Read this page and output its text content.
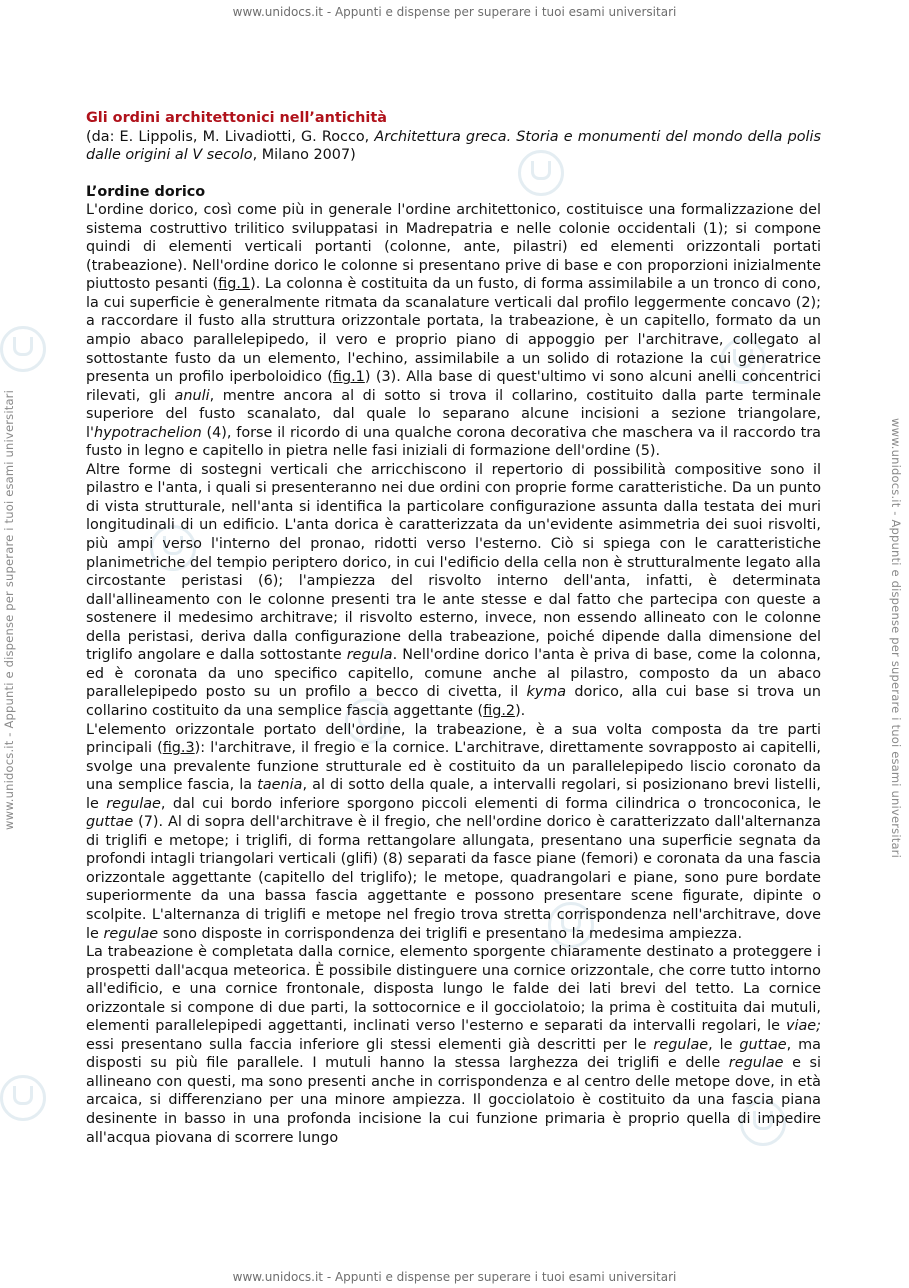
www.unidocs.it - Appunti e dispense per superare i tuoi esami universitari
www.unidocs.it - Appunti e dispense per superare i tuoi esami universitari
www.unidocs.it - Appunti e dispense per superare i tuoi esami universitari	www.unidocs.it - Appunti e dispense per superare i tuoi esami universitari
Gli ordini architettonici nell’antichità

(da: E. Lippolis, M. Livadiotti, G. Rocco, Architettura greca. Storia e monumenti del mondo della polis dalle origini al V secolo, Milano 2007)

L’ordine dorico

L'ordine dorico, così come più in generale l'ordine architettonico, costituisce una formalizzazione del sistema costruttivo trilitico sviluppatasi in Madrepatria e nelle colonie occidentali (1); si compone quindi di elementi verticali portanti (colonne, ante, pilastri) ed elementi orizzontali portati (trabeazione). Nell'ordine dorico le colonne si presentano prive di base e con proporzioni inizialmente piuttosto pesanti (fig.1). La colonna è costituita da un fusto, di forma assimilabile a un tronco di cono, la cui superficie è generalmente ritmata da scanalature verticali dal profilo leggermente concavo (2); a raccordare il fusto alla struttura orizzontale portata, la trabeazione, è un capitello, formato da un ampio abaco parallelepipedo, il vero e proprio piano di appoggio per l'architrave, collegato al sottostante fusto da un elemento, l'echino, assimilabile a un solido di rotazione la cui generatrice presenta un profilo iperboloidico (fig.1) (3). Alla base di quest'ultimo vi sono alcuni anelli concentrici rilevati, gli anuli, mentre ancora al di sotto si trova il collarino, costituito dalla parte terminale superiore del fusto scanalato, dal quale lo separano alcune incisioni a sezione triangolare, l'hypotrachelion (4), forse il ricordo di una qualche corona decorativa che maschera va il raccordo tra fusto in legno e capitello in pietra nelle fasi iniziali di formazione dell'ordine (5).

Altre forme di sostegni verticali che arricchiscono il repertorio di possibilità compositive sono il pilastro e l'anta, i quali si presenteranno nei due ordini con proprie forme caratteristiche. Da un punto di vista strutturale, nell'anta si identifica la particolare configurazione assunta dalla testata dei muri longitudinali di un edificio. L'anta dorica è caratterizzata da un'evidente asimmetria dei suoi risvolti, più ampi verso l'interno del pronao, ridotti verso l'esterno. Ciò si spiega con le caratteristiche planimetriche del tempio periptero dorico, in cui l'edificio della cella non è strutturalmente legato alla circostante peristasi (6); l'ampiezza del risvolto interno dell'anta, infatti, è determinata dall'allineamento con le colonne presenti tra le ante stesse e dal fatto che partecipa con queste a sostenere il medesimo architrave; il risvolto esterno, invece, non essendo allineato con le colonne della peristasi, deriva dalla configurazione della trabeazione, poiché dipende dalla dimensione del triglifo angolare e dalla sottostante regula. Nell'ordine dorico l'anta è priva di base, come la colonna, ed è coronata da uno specifico capitello, comune anche al pilastro, composto da un abaco parallelepipedo posto su un profilo a becco di civetta, il kyma dorico, alla cui base si trova un collarino costituito da una semplice fascia aggettante (fig.2).

L'elemento orizzontale portato dell'ordine, la trabeazione, è a sua volta composta da tre parti principali (fig.3): l'architrave, il fregio e la cornice. L'architrave, direttamente sovrapposto ai capitelli, svolge una prevalente funzione strutturale ed è costituito da un parallelepipedo liscio coronato da una semplice fascia, la taenia, al di sotto della quale, a intervalli regolari, si posizionano brevi listelli, le regulae, dal cui bordo inferiore sporgono piccoli elementi di forma cilindrica o troncoconica, le guttae (7). Al di sopra dell'architrave è il fregio, che nell'ordine dorico è caratterizzato dall'alternanza di triglifi e metope; i triglifi, di forma rettangolare allungata, presentano una superficie segnata da profondi intagli triangolari verticali (glifi) (8) separati da fasce piane (femori) e coronata da una fascia orizzontale aggettante (capitello del triglifo); le metope, quadrangolari e piane, sono pure bordate superiormente da una bassa fascia aggettante e possono presentare scene figurate, dipinte o scolpite. L'alternanza di triglifi e metope nel fregio trova stretta corrispondenza nell'architrave, dove le regulae sono disposte in corrispondenza dei triglifi e presentano la medesima ampiezza.

La trabeazione è completata dalla cornice, elemento sporgente chiaramente destinato a proteggere i prospetti dall'acqua meteorica. È possibile distinguere una cornice orizzontale, che corre tutto intorno all'edificio, e una cornice frontonale, disposta lungo le falde dei lati brevi del tetto. La cornice orizzontale si compone di due parti, la sottocornice e il gocciolatoio; la prima è costituita dai mutuli, elementi parallelepipedi aggettanti, inclinati verso l'esterno e separati da intervalli regolari, le viae; essi presentano sulla faccia inferiore gli stessi elementi già descritti per le regulae, le guttae, ma disposti su più file parallele. I mutuli hanno la stessa larghezza dei triglifi e delle regulae e si allineano con questi, ma sono presenti anche in corrispondenza e al centro delle metope dove, in età arcaica, si differenziano per una minore ampiezza. Il gocciolatoio è costituito da una fascia piana desinente in basso in una profonda incisione la cui funzione primaria è proprio quella di impedire all'acqua piovana di scorrere lungo
